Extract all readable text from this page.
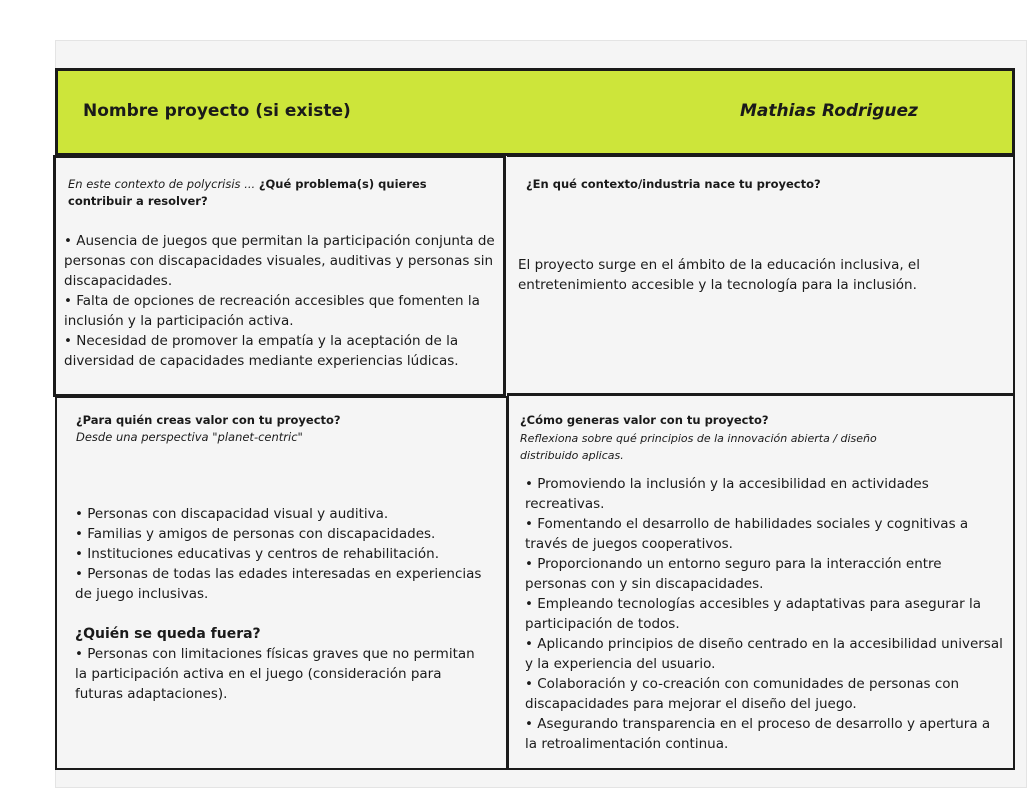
Nombre proyecto (si existe)	Mathias Rodriguez
En este contexto de polycrisis ... ¿Qué problema(s) quieres contribuir a resolver?
• Ausencia de juegos que permitan la participación conjunta de personas con discapacidades visuales, auditivas y personas sin discapacidades.
• Falta de opciones de recreación accesibles que fomenten la inclusión y la participación activa.
• Necesidad de promover la empatía y la aceptación de la diversidad de capacidades mediante experiencias lúdicas.
¿En qué contexto/industria nace tu proyecto?
El proyecto surge en el ámbito de la educación inclusiva, el entretenimiento accesible y la tecnología para la inclusión.
¿Para quién creas valor con tu proyecto?
Desde una perspectiva "planet-centric"
• Personas con discapacidad visual y auditiva.
• Familias y amigos de personas con discapacidades.
• Instituciones educativas y centros de rehabilitación.
• Personas de todas las edades interesadas en experiencias de juego inclusivas.
¿Quién se queda fuera?
• Personas con limitaciones físicas graves que no permitan la participación activa en el juego (consideración para futuras adaptaciones).
¿Cómo generas valor con tu proyecto?
Reflexiona sobre qué principios de la innovación abierta / diseño distribuido aplicas.
• Promoviendo la inclusión y la accesibilidad en actividades recreativas.
• Fomentando el desarrollo de habilidades sociales y cognitivas a través de juegos cooperativos.
• Proporcionando un entorno seguro para la interacción entre personas con y sin discapacidades.
• Empleando tecnologías accesibles y adaptativas para asegurar la participación de todos.
• Aplicando principios de diseño centrado en la accesibilidad universal y la experiencia del usuario.
• Colaboración y co-creación con comunidades de personas con discapacidades para mejorar el diseño del juego.
• Asegurando transparencia en el proceso de desarrollo y apertura a la retroalimentación continua.
